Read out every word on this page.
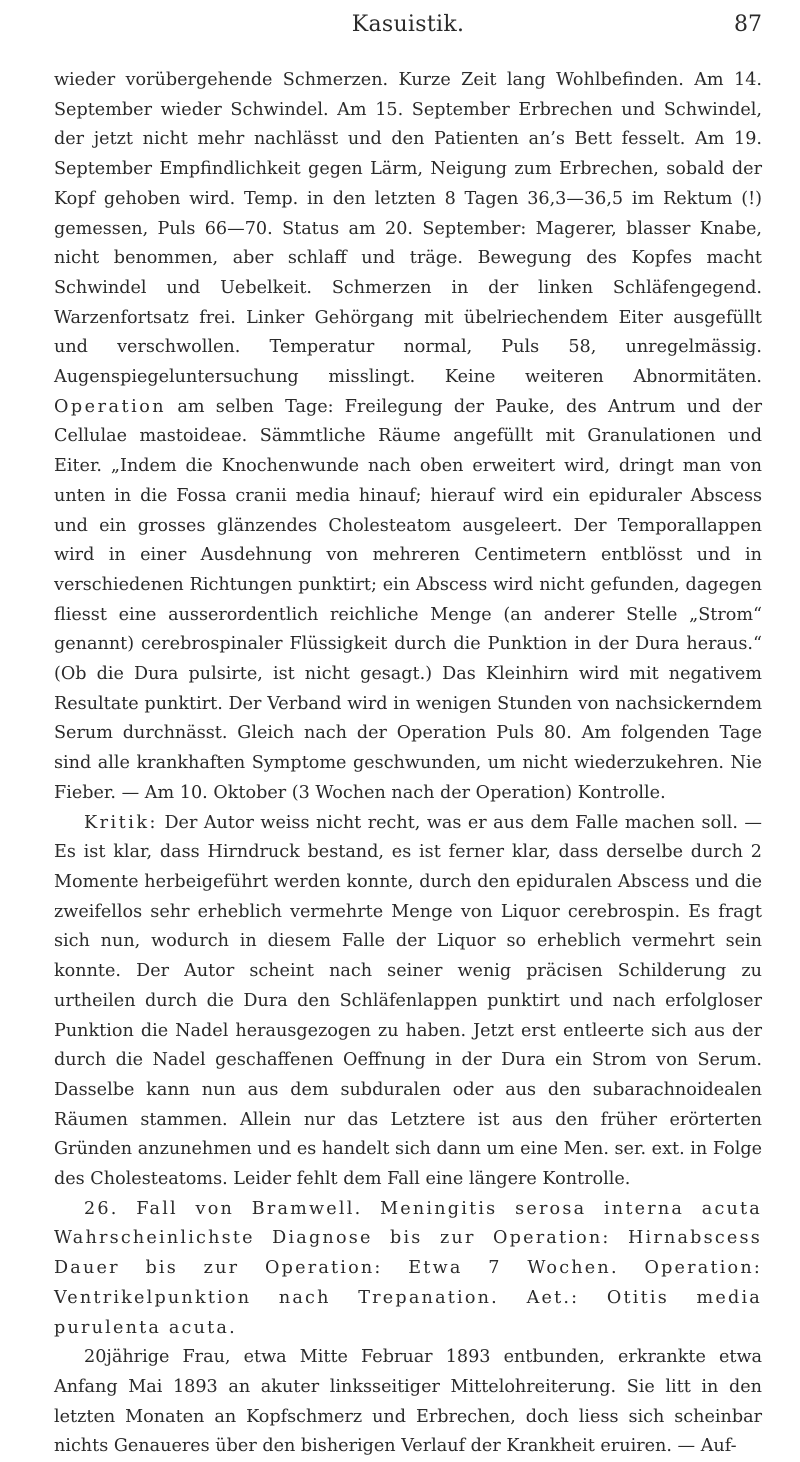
Kasuistik.	87

wieder vorübergehende Schmerzen. Kurze Zeit lang Wohlbefinden. Am 14. September wieder Schwindel. Am 15. September Erbrechen und Schwindel, der jetzt nicht mehr nachlässt und den Patienten an’s Bett fesselt. Am 19. September Empfindlichkeit gegen Lärm, Neigung zum Erbrechen, sobald der Kopf gehoben wird. Temp. in den letzten 8 Tagen 36,3—36,5 im Rektum (!) gemessen, Puls 66—70. Status am 20. September: Magerer, blasser Knabe, nicht benommen, aber schlaff und träge. Bewegung des Kopfes macht Schwindel und Uebelkeit. Schmerzen in der linken Schläfengegend. Warzenfortsatz frei. Linker Gehörgang mit übelriechendem Eiter ausgefüllt und verschwollen. Temperatur normal, Puls 58, unregelmässig. Augenspiegeluntersuchung misslingt. Keine weiteren Abnormitäten. Operation am selben Tage: Freilegung der Pauke, des Antrum und der Cellulae mastoideae. Sämmtliche Räume angefüllt mit Granulationen und Eiter. „Indem die Knochenwunde nach oben erweitert wird, dringt man von unten in die Fossa cranii media hinauf; hierauf wird ein epiduraler Abscess und ein grosses glänzendes Cholesteatom ausgeleert. Der Temporallappen wird in einer Ausdehnung von mehreren Centimetern entblösst und in verschiedenen Richtungen punktirt; ein Abscess wird nicht gefunden, dagegen fliesst eine ausserordentlich reichliche Menge (an anderer Stelle „Strom“ genannt) cerebrospinaler Flüssigkeit durch die Punktion in der Dura heraus.“ (Ob die Dura pulsirte, ist nicht gesagt.) Das Kleinhirn wird mit negativem Resultate punktirt. Der Verband wird in wenigen Stunden von nachsickerndem Serum durchnässt. Gleich nach der Operation Puls 80. Am folgenden Tage sind alle krankhaften Symptome geschwunden, um nicht wiederzukehren. Nie Fieber. — Am 10. Oktober (3 Wochen nach der Operation) Kontrolle.

Kritik: Der Autor weiss nicht recht, was er aus dem Falle machen soll. — Es ist klar, dass Hirndruck bestand, es ist ferner klar, dass derselbe durch 2 Momente herbeigeführt werden konnte, durch den epiduralen Abscess und die zweifellos sehr erheblich vermehrte Menge von Liquor cerebrospin. Es fragt sich nun, wodurch in diesem Falle der Liquor so erheblich vermehrt sein konnte. Der Autor scheint nach seiner wenig präcisen Schilderung zu urtheilen durch die Dura den Schläfenlappen punktirt und nach erfolgloser Punktion die Nadel herausgezogen zu haben. Jetzt erst entleerte sich aus der durch die Nadel geschaffenen Oeffnung in der Dura ein Strom von Serum. Dasselbe kann nun aus dem subduralen oder aus den subarachnoidealen Räumen stammen. Allein nur das Letztere ist aus den früher erörterten Gründen anzunehmen und es handelt sich dann um eine Men. ser. ext. in Folge des Cholesteatoms. Leider fehlt dem Fall eine längere Kontrolle.

26. Fall von Bramwell. Meningitis serosa interna acuta Wahrscheinlichste Diagnose bis zur Operation: Hirnabscess Dauer bis zur Operation: Etwa 7 Wochen. Operation: Ventrikelpunktion nach Trepanation. Aet.: Otitis media purulenta acuta.

20jährige Frau, etwa Mitte Februar 1893 entbunden, erkrankte etwa Anfang Mai 1893 an akuter linksseitiger Mittelohreiterung. Sie litt in den letzten Monaten an Kopfschmerz und Erbrechen, doch liess sich scheinbar nichts Genaueres über den bisherigen Verlauf der Krankheit eruiren. — Auf-
